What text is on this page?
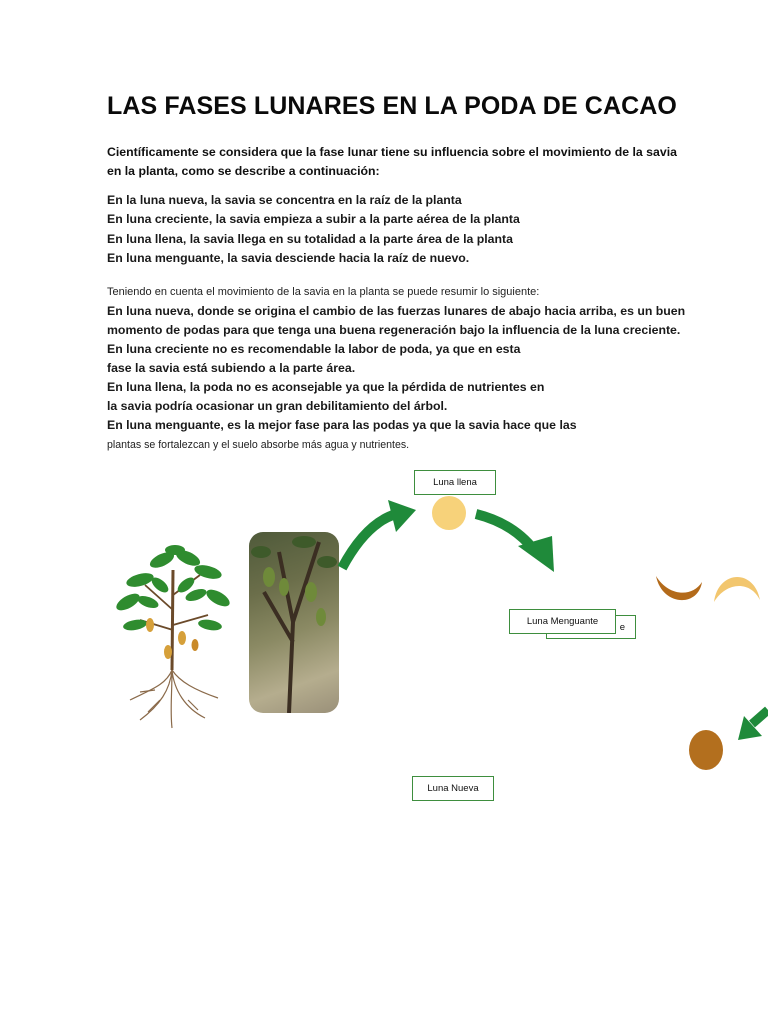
LAS FASES LUNARES EN LA PODA DE CACAO

Científicamente se considera que la fase lunar tiene su influencia sobre el movimiento de la savia en la planta, como se describe a continuación:

En la luna nueva, la savia se concentra en la raíz de la planta
En luna creciente, la savia empieza a subir a la parte aérea de la planta
En luna llena, la savia llega en su totalidad a la parte área de la planta
En luna menguante, la savia desciende hacia la raíz de nuevo.

Teniendo en cuenta el movimiento de la savia en la planta se puede resumir lo siguiente:

En luna nueva, donde se origina el cambio de las fuerzas lunares de abajo hacia arriba, es un buen momento de podas para que tenga una buena regeneración bajo la influencia de la luna creciente.

En luna creciente no es recomendable la labor de poda, ya que en esta fase la savia está subiendo a la parte área.

En luna llena, la poda no es aconsejable ya que la pérdida de nutrientes en la savia podría ocasionar un gran debilitamiento del árbol.

En luna menguante, es la mejor fase para las podas ya que la savia hace que las
plantas se fortalezcan y el suelo absorbe más agua y nutrientes.

Luna llena
e
Luna Menguante
Luna Nueva
